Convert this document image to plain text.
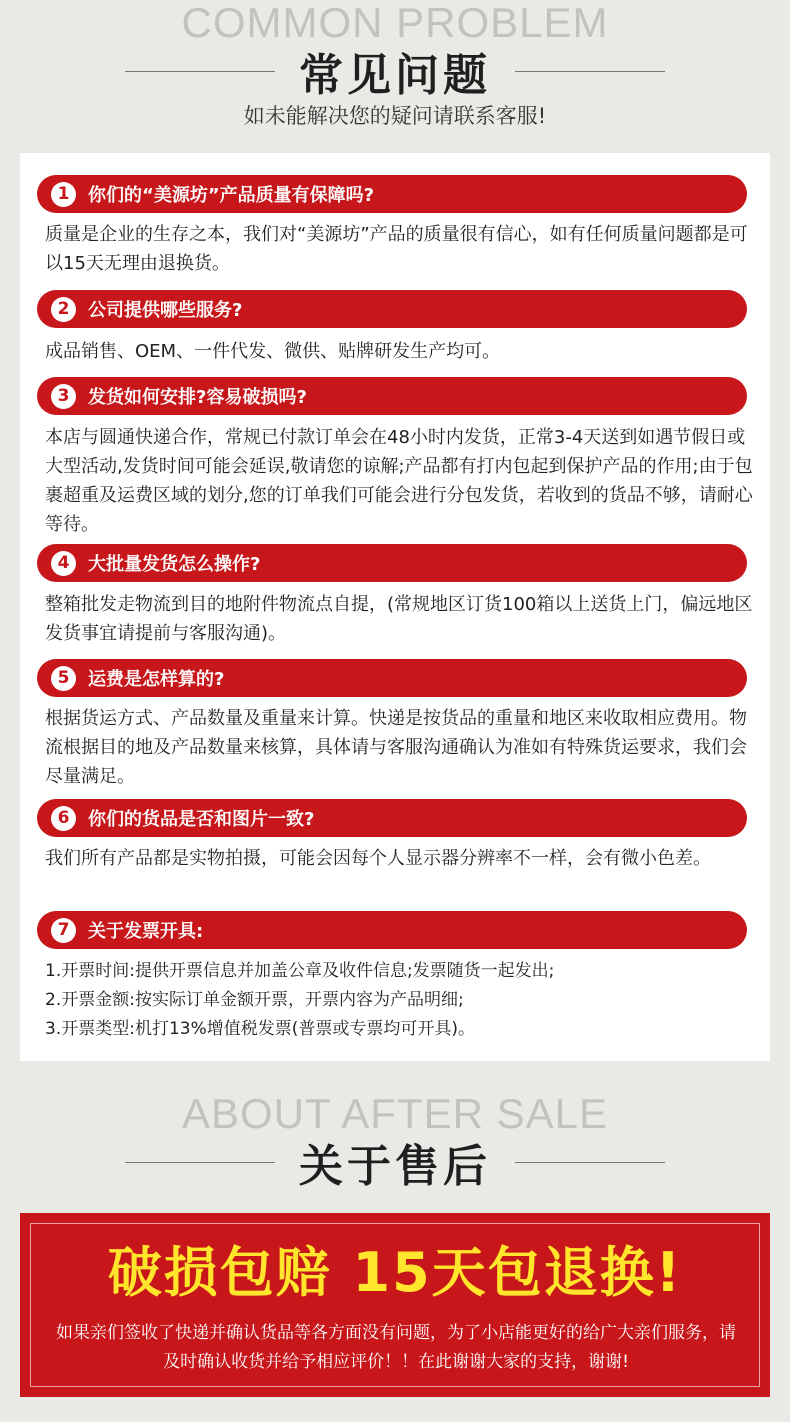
COMMON PROBLEM
常见问题
如未能解决您的疑问请联系客服!
1	你们的“美源坊”产品质量有保障吗?
质量是企业的生存之本，我们对“美源坊”产品的质量很有信心，如有任何质量问题都是可以15天无理由退换货。
2	公司提供哪些服务?
成品销售、OEM、一件代发、微供、贴牌研发生产均可。
3	发货如何安排?容易破损吗?
本店与圆通快递合作，常规已付款订单会在48小时内发货，正常3-4天送到如遇节假日或大型活动,发货时间可能会延误,敬请您的谅解;产品都有打内包起到保护产品的作用;由于包裹超重及运费区域的划分,您的订单我们可能会进行分包发货，若收到的货品不够，请耐心等待。
4	大批量发货怎么操作?
整箱批发走物流到目的地附件物流点自提，(常规地区订货100箱以上送货上门，偏远地区发货事宜请提前与客服沟通)。
5	运费是怎样算的?
根据货运方式、产品数量及重量来计算。快递是按货品的重量和地区来收取相应费用。物流根据目的地及产品数量来核算，具体请与客服沟通确认为准如有特殊货运要求，我们会尽量满足。
6	你们的货品是否和图片一致?
我们所有产品都是实物拍摄，可能会因每个人显示器分辨率不一样，会有微小色差。
7	关于发票开具:
1.开票时间:提供开票信息并加盖公章及收件信息;发票随货一起发出;
2.开票金额:按实际订单金额开票，开票内容为产品明细;
3.开票类型:机打13%增值税发票(普票或专票均可开具)。
ABOUT AFTER SALE
关于售后
破损包赔 15天包退换!
如果亲们签收了快递并确认货品等各方面没有问题，为了小店能更好的给广大亲们服务，请及时确认收货并给予相应评价！！在此谢谢大家的支持，谢谢!
